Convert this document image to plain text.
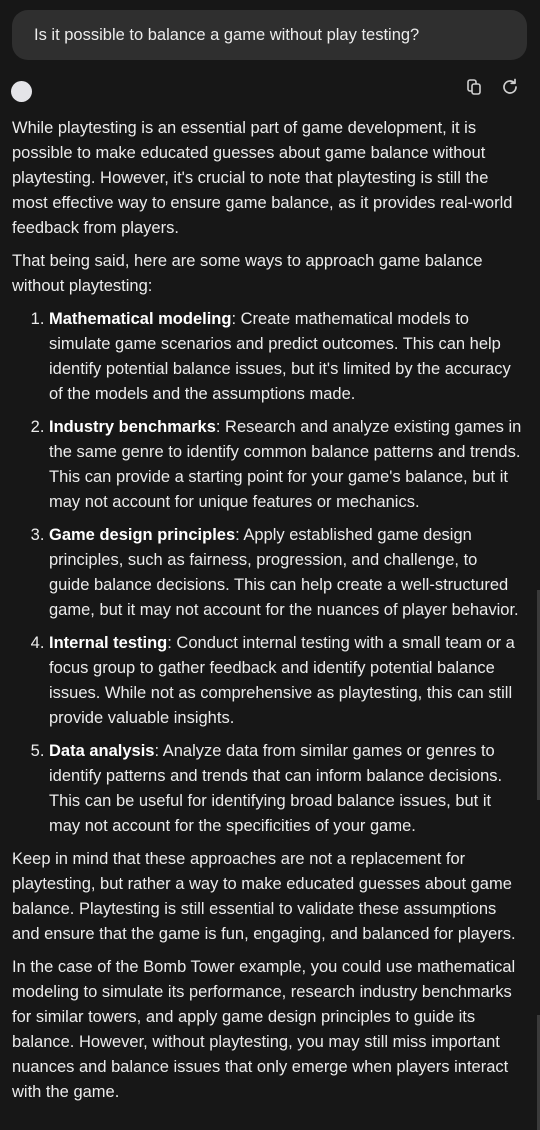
Is it possible to balance a game without play testing?

While playtesting is an essential part of game development, it is possible to make educated guesses about game balance without playtesting. However, it's crucial to note that playtesting is still the most effective way to ensure game balance, as it provides real-world feedback from players.

That being said, here are some ways to approach game balance without playtesting:

1. Mathematical modeling: Create mathematical models to simulate game scenarios and predict outcomes. This can help identify potential balance issues, but it's limited by the accuracy of the models and the assumptions made.
2. Industry benchmarks: Research and analyze existing games in the same genre to identify common balance patterns and trends. This can provide a starting point for your game's balance, but it may not account for unique features or mechanics.
3. Game design principles: Apply established game design principles, such as fairness, progression, and challenge, to guide balance decisions. This can help create a well-structured game, but it may not account for the nuances of player behavior.
4. Internal testing: Conduct internal testing with a small team or a focus group to gather feedback and identify potential balance issues. While not as comprehensive as playtesting, this can still provide valuable insights.
5. Data analysis: Analyze data from similar games or genres to identify patterns and trends that can inform balance decisions. This can be useful for identifying broad balance issues, but it may not account for the specificities of your game.

Keep in mind that these approaches are not a replacement for playtesting, but rather a way to make educated guesses about game balance. Playtesting is still essential to validate these assumptions and ensure that the game is fun, engaging, and balanced for players.

In the case of the Bomb Tower example, you could use mathematical modeling to simulate its performance, research industry benchmarks for similar towers, and apply game design principles to guide its balance. However, without playtesting, you may still miss important nuances and balance issues that only emerge when players interact with the game.
